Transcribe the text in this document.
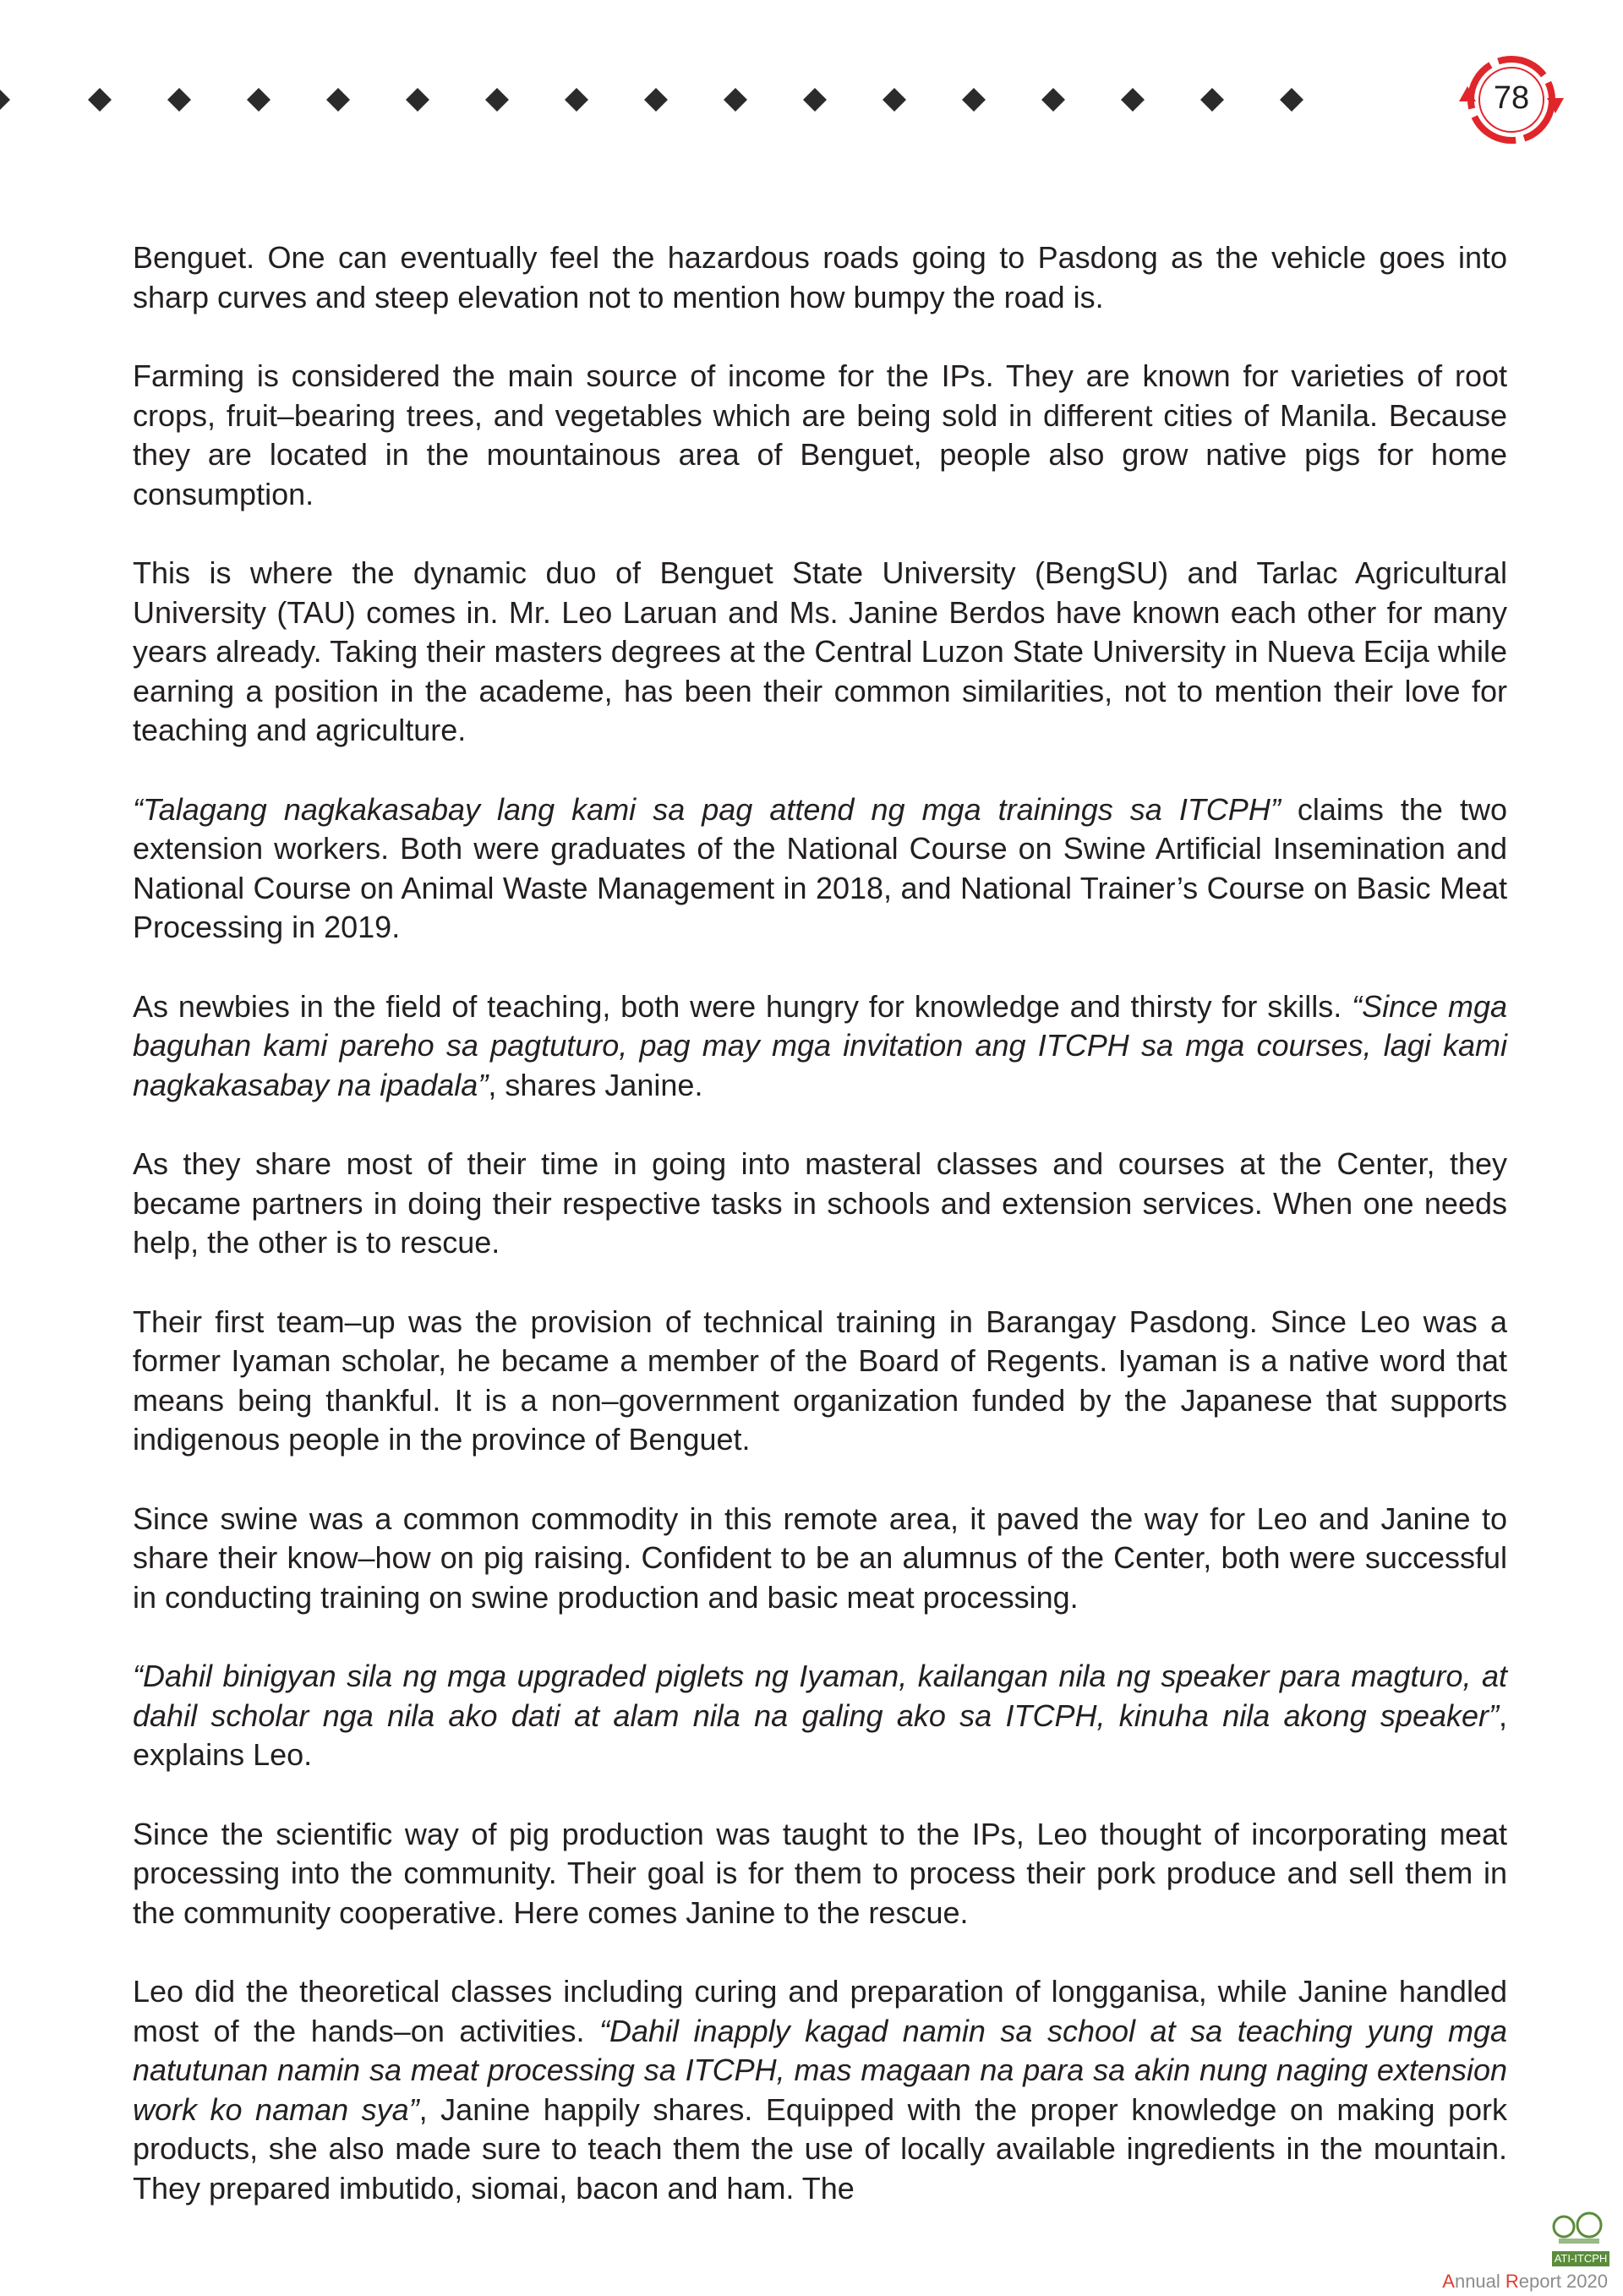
78

Benguet. One can eventually feel the hazardous roads going to Pasdong as the vehicle goes into sharp curves and steep elevation not to mention how bumpy the road is.

Farming is considered the main source of income for the IPs. They are known for varieties of root crops, fruit–bearing trees, and vegetables which are being sold in different cities of Manila. Because they are located in the mountainous area of Benguet, people also grow native pigs for home consumption.

This is where the dynamic duo of Benguet State University (BengSU) and Tarlac Agricultural University (TAU) comes in. Mr. Leo Laruan and Ms. Janine Berdos have known each other for many years already. Taking their masters degrees at the Central Luzon State University in Nueva Ecija while earning a position in the academe, has been their common similarities, not to mention their love for teaching and agriculture.

“Talagang nagkakasabay lang kami sa pag attend ng mga trainings sa ITCPH” claims the two extension workers. Both were graduates of the National Course on Swine Artificial Insemination and National Course on Animal Waste Management in 2018, and National Trainer’s Course on Basic Meat Processing in 2019.

As newbies in the field of teaching, both were hungry for knowledge and thirsty for skills. “Since mga baguhan kami pareho sa pagtuturo, pag may mga invitation ang ITCPH sa mga courses, lagi kami nagkakasabay na ipadala”, shares Janine.

As they share most of their time in going into masteral classes and courses at the Center, they became partners in doing their respective tasks in schools and extension services. When one needs help, the other is to rescue.

Their first team–up was the provision of technical training in Barangay Pasdong. Since Leo was a former Iyaman scholar, he became a member of the Board of Regents. Iyaman is a native word that means being thankful. It is a non–government organization funded by the Japanese that supports indigenous people in the province of Benguet.

Since swine was a common commodity in this remote area, it paved the way for Leo and Janine to share their know–how on pig raising. Confident to be an alumnus of the Center, both were successful in conducting training on swine production and basic meat processing.

“Dahil binigyan sila ng mga upgraded piglets ng Iyaman, kailangan nila ng speaker para magturo, at dahil scholar nga nila ako dati at alam nila na galing ako sa ITCPH, kinuha nila akong speaker”, explains Leo.

Since the scientific way of pig production was taught to the IPs, Leo thought of incorporating meat processing into the community. Their goal is for them to process their pork produce and sell them in the community cooperative. Here comes Janine to the rescue.

Leo did the theoretical classes including curing and preparation of longganisa, while Janine handled most of the hands–on activities. “Dahil inapply kagad namin sa school at sa teaching yung mga natutunan namin sa meat processing sa ITCPH, mas magaan na para sa akin nung naging extension work ko naman sya”, Janine happily shares. Equipped with the proper knowledge on making pork products, she also made sure to teach them the use of locally available ingredients in the mountain. They prepared imbutido, siomai, bacon and ham. The

ATI-ITCPH
Annual Report 2020
